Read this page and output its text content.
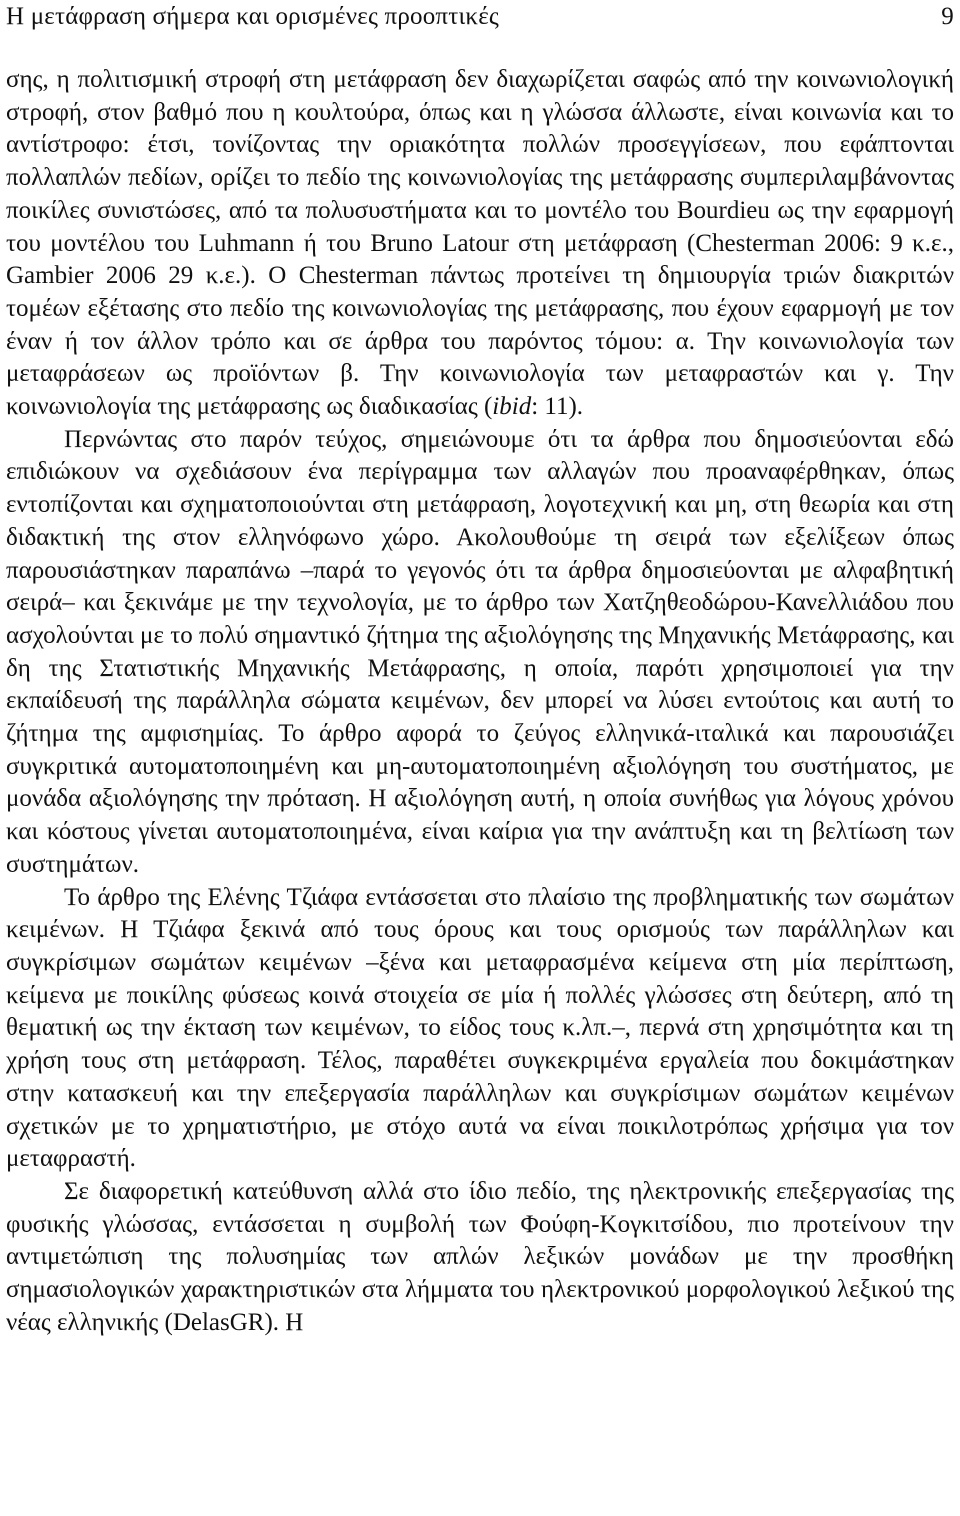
Η μετάφραση σήμερα και ορισμένες προοπτικές	9

σης, η πολιτισμική στροφή στη μετάφραση δεν διαχωρίζεται σαφώς από την κοινωνιολογική στροφή, στον βαθμό που η κουλτούρα, όπως και η γλώσσα άλλωστε, είναι κοινωνία και το αντίστροφο: έτσι, τονίζοντας την οριακότητα πολλών προσεγγίσεων, που εφάπτονται πολλαπλών πεδίων, ορίζει το πεδίο της κοινωνιολογίας της μετάφρασης συμπεριλαμβάνοντας ποικίλες συνιστώσες, από τα πολυσυστήματα και το μοντέλο του Bourdieu ως την εφαρμογή του μοντέλου του Luhmann ή του Bruno Latour στη μετάφραση (Chesterman 2006: 9 κ.ε., Gambier 2006 29 κ.ε.). Ο Chesterman πάντως προτείνει τη δημιουργία τριών διακριτών τομέων εξέτασης στο πεδίο της κοινωνιολογίας της μετάφρασης, που έχουν εφαρμογή με τον έναν ή τον άλλον τρόπο και σε άρθρα του παρόντος τόμου: α. Την κοινωνιολογία των μεταφράσεων ως προϊόντων β. Την κοινωνιολογία των μεταφραστών και γ. Την κοινωνιολογία της μετάφρασης ως διαδικασίας (ibid: 11).

Περνώντας στο παρόν τεύχος, σημειώνουμε ότι τα άρθρα που δημοσιεύονται εδώ επιδιώκουν να σχεδιάσουν ένα περίγραμμα των αλλαγών που προαναφέρθηκαν, όπως εντοπίζονται και σχηματοποιούνται στη μετάφραση, λογοτεχνική και μη, στη θεωρία και στη διδακτική της στον ελληνόφωνο χώρο. Ακολουθούμε τη σειρά των εξελίξεων όπως παρουσιάστηκαν παραπάνω –παρά το γεγονός ότι τα άρθρα δημοσιεύονται με αλφαβητική σειρά– και ξεκινάμε με την τεχνολογία, με το άρθρο των Χατζηθεοδώρου-Κανελλιάδου που ασχολούνται με το πολύ σημαντικό ζήτημα της αξιολόγησης της Μηχανικής Μετάφρασης, και δη της Στατιστικής Μηχανικής Μετάφρασης, η οποία, παρότι χρησιμοποιεί για την εκπαίδευσή της παράλληλα σώματα κειμένων, δεν μπορεί να λύσει εντούτοις και αυτή το ζήτημα της αμφισημίας. Το άρθρο αφορά το ζεύγος ελληνικά-ιταλικά και παρουσιάζει συγκριτικά αυτοματοποιημένη και μη-αυτοματοποιημένη αξιολόγηση του συστήματος, με μονάδα αξιολόγησης την πρόταση. Η αξιολόγηση αυτή, η οποία συνήθως για λόγους χρόνου και κόστους γίνεται αυτοματοποιημένα, είναι καίρια για την ανάπτυξη και τη βελτίωση των συστημάτων.

Το άρθρο της Ελένης Τζιάφα εντάσσεται στο πλαίσιο της προβληματικής των σωμάτων κειμένων. Η Τζιάφα ξεκινά από τους όρους και τους ορισμούς των παράλληλων και συγκρίσιμων σωμάτων κειμένων –ξένα και μεταφρασμένα κείμενα στη μία περίπτωση, κείμενα με ποικίλης φύσεως κοινά στοιχεία σε μία ή πολλές γλώσσες στη δεύτερη, από τη θεματική ως την έκταση των κειμένων, το είδος τους κ.λπ.–, περνά στη χρησιμότητα και τη χρήση τους στη μετάφραση. Τέλος, παραθέτει συγκεκριμένα εργαλεία που δοκιμάστηκαν στην κατασκευή και την επεξεργασία παράλληλων και συγκρίσιμων σωμάτων κειμένων σχετικών με το χρηματιστήριο, με στόχο αυτά να είναι ποικιλοτρόπως χρήσιμα για τον μεταφραστή.

Σε διαφορετική κατεύθυνση αλλά στο ίδιο πεδίο, της ηλεκτρονικής επεξεργασίας της φυσικής γλώσσας, εντάσσεται η συμβολή των Φούφη-Κογκιτσίδου, πιο προτείνουν την αντιμετώπιση της πολυσημίας των απλών λεξικών μονάδων με την προσθήκη σημασιολογικών χαρακτηριστικών στα λήμματα του ηλεκτρονικού μορφολογικού λεξικού της νέας ελληνικής (DelasGR). Η
